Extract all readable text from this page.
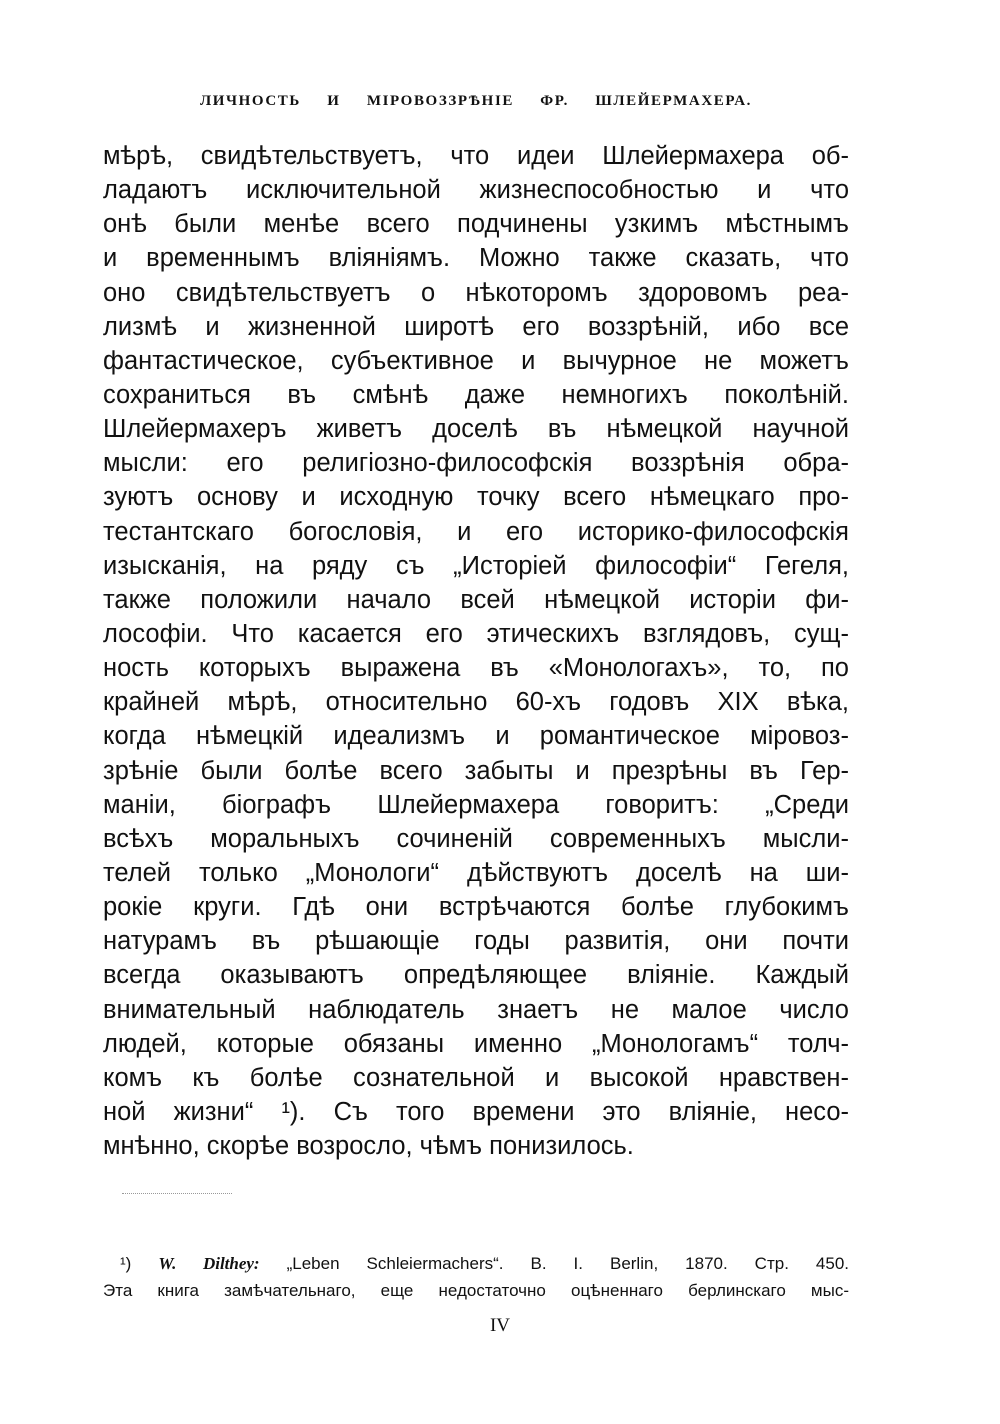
ЛИЧНОСТЬ И МІРОВОЗЗРѢНІЕ ФР. ШЛЕЙЕРМАХЕРА.
мѣрѣ, свидѣтельствуетъ, что идеи Шлейермахера об-
ладаютъ исключительной жизнеспособностью и что
онѣ были менѣе всего подчинены узкимъ мѣстнымъ
и временнымъ вліяніямъ. Можно также сказать, что
оно свидѣтельствуетъ о нѣкоторомъ здоровомъ реа-
лизмѣ и жизненной широтѣ его воззрѣній, ибо все
фантастическое, субъективное и вычурное не можетъ
сохраниться въ смѣнѣ даже немногихъ поколѣній.
Шлейермахеръ живетъ доселѣ въ нѣмецкой научной
мысли: его религіозно-философскія воззрѣнія обра-
зуютъ основу и исходную точку всего нѣмецкаго про-
тестантскаго богословія, и его историко-философскія
изысканія, на ряду съ „Исторіей философіи“ Гегеля,
также положили начало всей нѣмецкой исторіи фи-
лософіи. Что касается его этическихъ взглядовъ, сущ-
ность которыхъ выражена въ «Монологахъ», то, по
крайней мѣрѣ, относительно 60-хъ годовъ XIX вѣка,
когда нѣмецкій идеализмъ и романтическое міровоз-
зрѣніе были болѣе всего забыты и презрѣны въ Гер-
маніи, біографъ Шлейермахера говоритъ: „Среди
всѣхъ моральныхъ сочиненій современныхъ мысли-
телей только „Монологи“ дѣйствуютъ доселѣ на ши-
рокіе круги. Гдѣ они встрѣчаются болѣе глубокимъ
натурамъ въ рѣшающіе годы развитія, они почти
всегда оказываютъ опредѣляющее вліяніе. Каждый
внимательный наблюдатель знаетъ не малое число
людей, которые обязаны именно „Монологамъ“ толч-
комъ къ болѣе сознательной и высокой нравствен-
ной жизни“ ¹). Съ того времени это вліяніе, несо-
мнѣнно, скорѣе возросло, чѣмъ понизилось.
¹) W. Dilthey: „Leben Schleiermachers“. B. I. Berlin, 1870. Стр. 450.
Эта книга замѣчательнаго, еще недостаточно оцѣненнаго берлинскаго мыс-
IV
